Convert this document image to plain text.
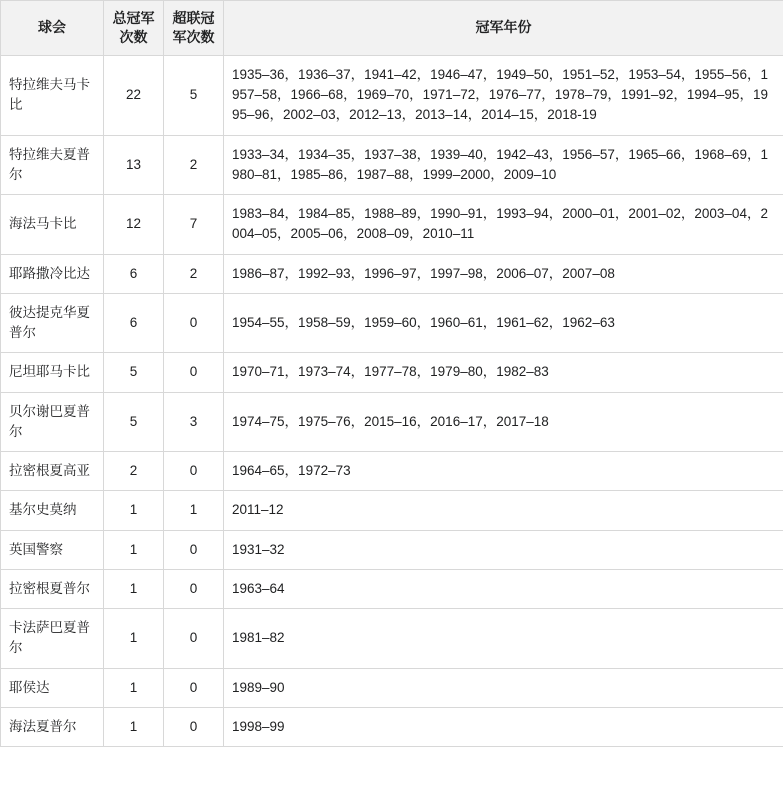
球会	总冠军次数	超联冠军次数	冠军年份
特拉维夫马卡比	22	5	1935–36，1936–37，1941–42，1946–47，1949–50，1951–52，1953–54，1955–56，1957–58，1966–68，1969–70，1971–72，1976–77，1978–79，1991–92，1994–95，1995–96，2002–03，2012–13，2013–14，2014–15，2018-19
特拉维夫夏普尔	13	2	1933–34，1934–35，1937–38，1939–40，1942–43，1956–57，1965–66，1968–69，1980–81，1985–86，1987–88，1999–2000，2009–10
海法马卡比	12	7	1983–84，1984–85，1988–89，1990–91，1993–94，2000–01，2001–02，2003–04，2004–05，2005–06，2008–09，2010–11
耶路撒冷比达	6	2	1986–87，1992–93，1996–97，1997–98，2006–07，2007–08
彼达提克华夏普尔	6	0	1954–55，1958–59，1959–60，1960–61，1961–62，1962–63
尼坦耶马卡比	5	0	1970–71，1973–74，1977–78，1979–80，1982–83
贝尔谢巴夏普尔	5	3	1974–75，1975–76，2015–16，2016–17，2017–18
拉密根夏高亚	2	0	1964–65，1972–73
基尔史莫纳	1	1	2011–12
英国警察	1	0	1931–32
拉密根夏普尔	1	0	1963–64
卡法萨巴夏普尔	1	0	1981–82
耶侯达	1	0	1989–90
海法夏普尔	1	0	1998–99
